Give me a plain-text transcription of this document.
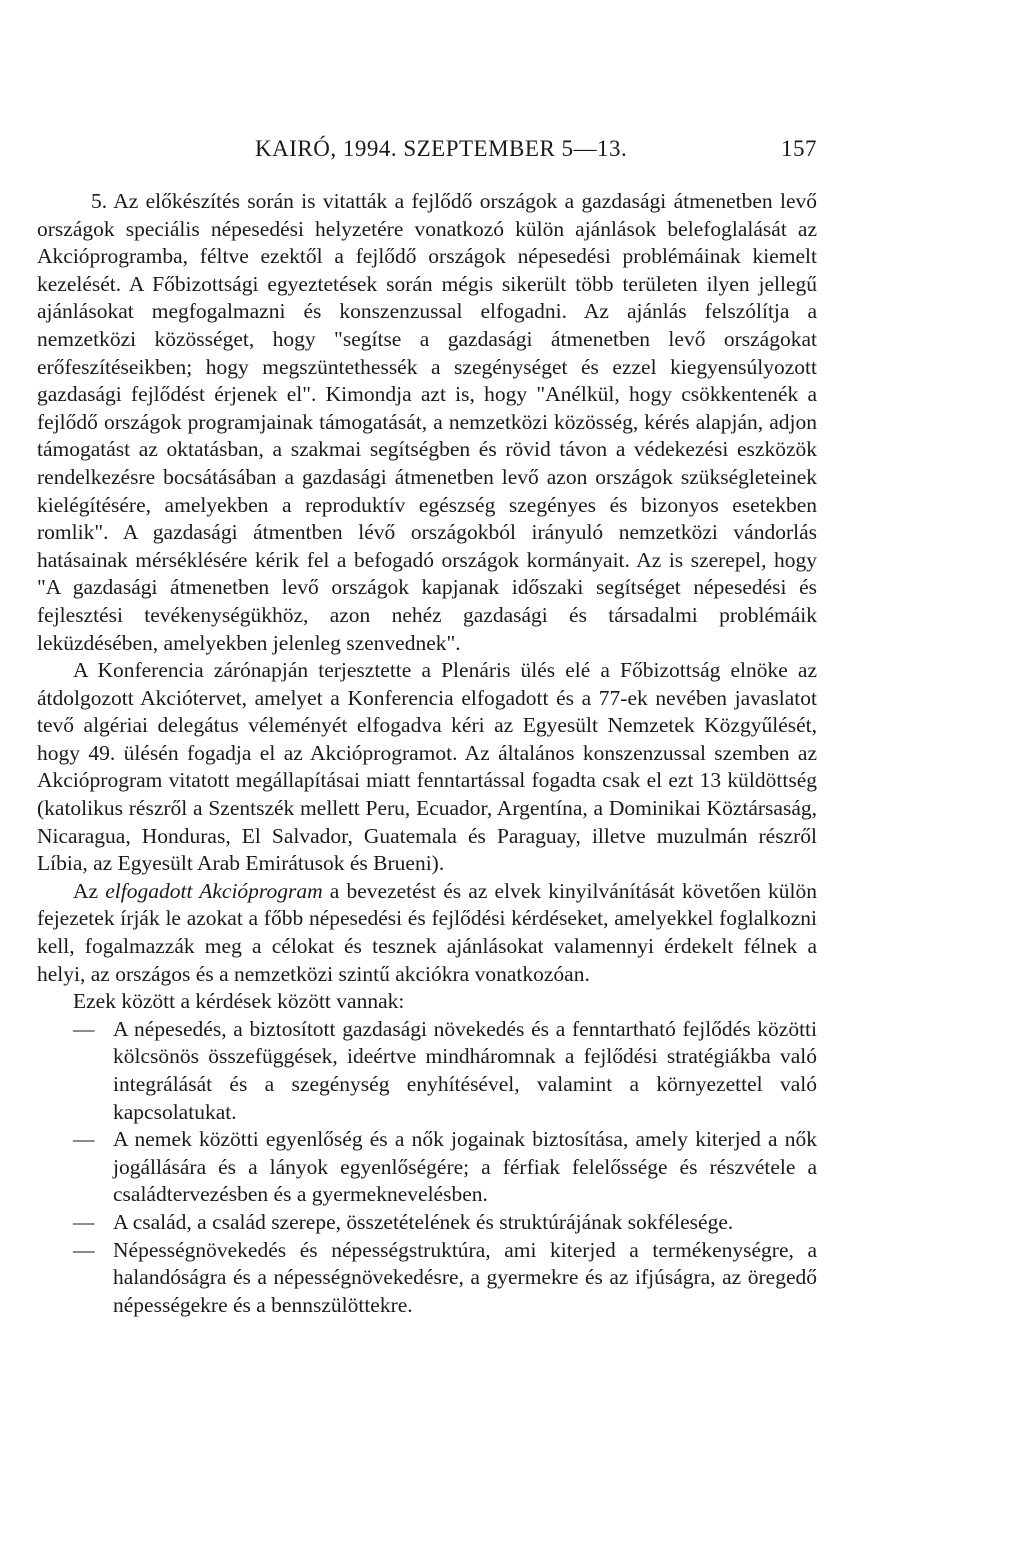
KAIRÓ, 1994. SZEPTEMBER 5—13.	157

5. Az előkészítés során is vitatták a fejlődő országok a gazdasági átmenetben levő országok speciális népesedési helyzetére vonatkozó külön ajánlások belefoglalását az Akcióprogramba, féltve ezektől a fejlődő országok népesedési problémáinak kiemelt kezelését. A Főbizottsági egyeztetések során mégis sikerült több területen ilyen jellegű ajánlásokat megfogalmazni és konszenzussal elfogadni. Az ajánlás felszólítja a nemzetközi közösséget, hogy "segítse a gazdasági átmenetben levő országokat erőfeszítéseikben; hogy megszüntethessék a szegénységet és ezzel kiegyensúlyozott gazdasági fejlődést érjenek el". Kimondja azt is, hogy "Anélkül, hogy csökkentenék a fejlődő országok programjainak támogatását, a nemzetközi közösség, kérés alapján, adjon támogatást az oktatásban, a szakmai segítségben és rövid távon a védekezési eszközök rendelkezésre bocsátásában a gazdasági átmenetben levő azon országok szükségleteinek kielégítésére, amelyekben a reproduktív egészség szegényes és bizonyos esetekben romlik". A gazdasági átmentben lévő országokból irányuló nemzetközi vándorlás hatásainak mérséklésére kérik fel a befogadó országok kormányait. Az is szerepel, hogy "A gazdasági átmenetben levő országok kapjanak időszaki segítséget népesedési és fejlesztési tevékenységükhöz, azon nehéz gazdasági és társadalmi problémáik leküzdésében, amelyekben jelenleg szenvednek".

A Konferencia zárónapján terjesztette a Plenáris ülés elé a Főbizottság elnöke az átdolgozott Akciótervet, amelyet a Konferencia elfogadott és a 77-ek nevében javaslatot tevő algériai delegátus véleményét elfogadva kéri az Egyesült Nemzetek Közgyűlését, hogy 49. ülésén fogadja el az Akcióprogramot. Az általános konszenzussal szemben az Akcióprogram vitatott megállapításai miatt fenntartással fogadta csak el ezt 13 küldöttség (katolikus részről a Szentszék mellett Peru, Ecuador, Argentína, a Dominikai Köztársaság, Nicaragua, Honduras, El Salvador, Guatemala és Paraguay, illetve muzulmán részről Líbia, az Egyesült Arab Emirátusok és Brueni).

Az elfogadott Akcióprogram a bevezetést és az elvek kinyilvánítását követően külön fejezetek írják le azokat a főbb népesedési és fejlődési kérdéseket, amelyekkel foglalkozni kell, fogalmazzák meg a célokat és tesznek ajánlásokat valamennyi érdekelt félnek a helyi, az országos és a nemzetközi szintű akciókra vonatkozóan.

Ezek között a kérdések között vannak:

— A népesedés, a biztosított gazdasági növekedés és a fenntartható fejlődés közötti kölcsönös összefüggések, ideértve mindháromnak a fejlődési stratégiákba való integrálását és a szegénység enyhítésével, valamint a környezettel való kapcsolatukat.
— A nemek közötti egyenlőség és a nők jogainak biztosítása, amely kiterjed a nők jogállására és a lányok egyenlőségére; a férfiak felelőssége és részvétele a családtervezésben és a gyermeknevelésben.
— A család, a család szerepe, összetételének és struktúrájának sokfélesége.
— Népességnövekedés és népességstruktúra, ami kiterjed a termékenységre, a halandóságra és a népességnövekedésre, a gyermekre és az ifjúságra, az öregedő népességekre és a bennszülöttekre.
